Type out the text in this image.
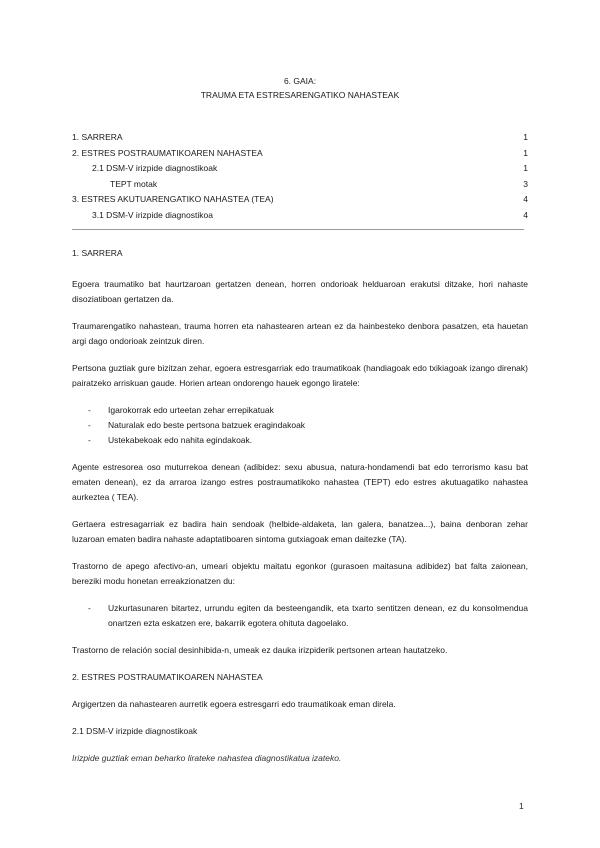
6. GAIA:
TRAUMA ETA ESTRESARENGATIKO NAHASTEAK
1. SARRERA	1
2. ESTRES POSTRAUMATIKOAREN NAHASTEA	1
2.1 DSM-V irizpide diagnostikoak	1
TEPT motak	3
3. ESTRES AKUTUARENGATIKO NAHASTEA (TEA)	4
3.1 DSM-V irizpide diagnostikoa	4

1. SARRERA

Egoera traumatiko bat haurtzaroan gertatzen denean, horren ondorioak helduaroan erakutsi ditzake, hori nahaste disoziatiboan gertatzen da.

Traumarengatiko nahastean, trauma horren eta nahastearen artean ez da hainbesteko denbora pasatzen, eta hauetan argi dago ondorioak zeintzuk diren.

Pertsona guztiak gure bizitzan zehar, egoera estresgarriak edo traumatikoak (handiagoak edo txikiagoak izango direnak) pairatzeko arriskuan gaude. Horien artean ondorengo hauek egongo liratele:

- Igarokorrak edo urteetan zehar errepikatuak
- Naturalak edo beste pertsona batzuek eragindakoak
- Ustekabekoak edo nahita egindakoak.

Agente estresorea oso muturrekoa denean (adibidez: sexu abusua, natura-hondamendi bat edo terrorismo kasu bat ematen denean), ez da arraroa izango estres postraumatikoko nahastea (TEPT) edo estres akutuagatiko nahastea aurkeztea ( TEA).

Gertaera estresagarriak ez badira hain sendoak (helbide-aldaketa, lan galera, banatzea...), baina denboran zehar luzaroan ematen badira nahaste adaptatiboaren sintoma gutxiagoak eman daitezke (TA).

Trastorno de apego afectivo-an, umeari objektu maitatu egonkor (gurasoen maitasuna adibidez) bat falta zaionean, bereziki modu honetan erreakzionatzen du:

- Uzkurtasunaren bitartez, urrundu egiten da besteengandik, eta txarto sentitzen denean, ez du konsolmendua onartzen ezta eskatzen ere, bakarrik egotera ohituta dagoelako.

Trastorno de relación social desinhibida-n, umeak ez dauka irizpiderik pertsonen artean hautatzeko.

2. ESTRES POSTRAUMATIKOAREN NAHASTEA

Argigertzen da nahastearen aurretik egoera estresgarri edo traumatikoak eman direla.

2.1 DSM-V irizpide diagnostikoak

Irizpide guztiak eman beharko lirateke nahastea diagnostikatua izateko.

1
